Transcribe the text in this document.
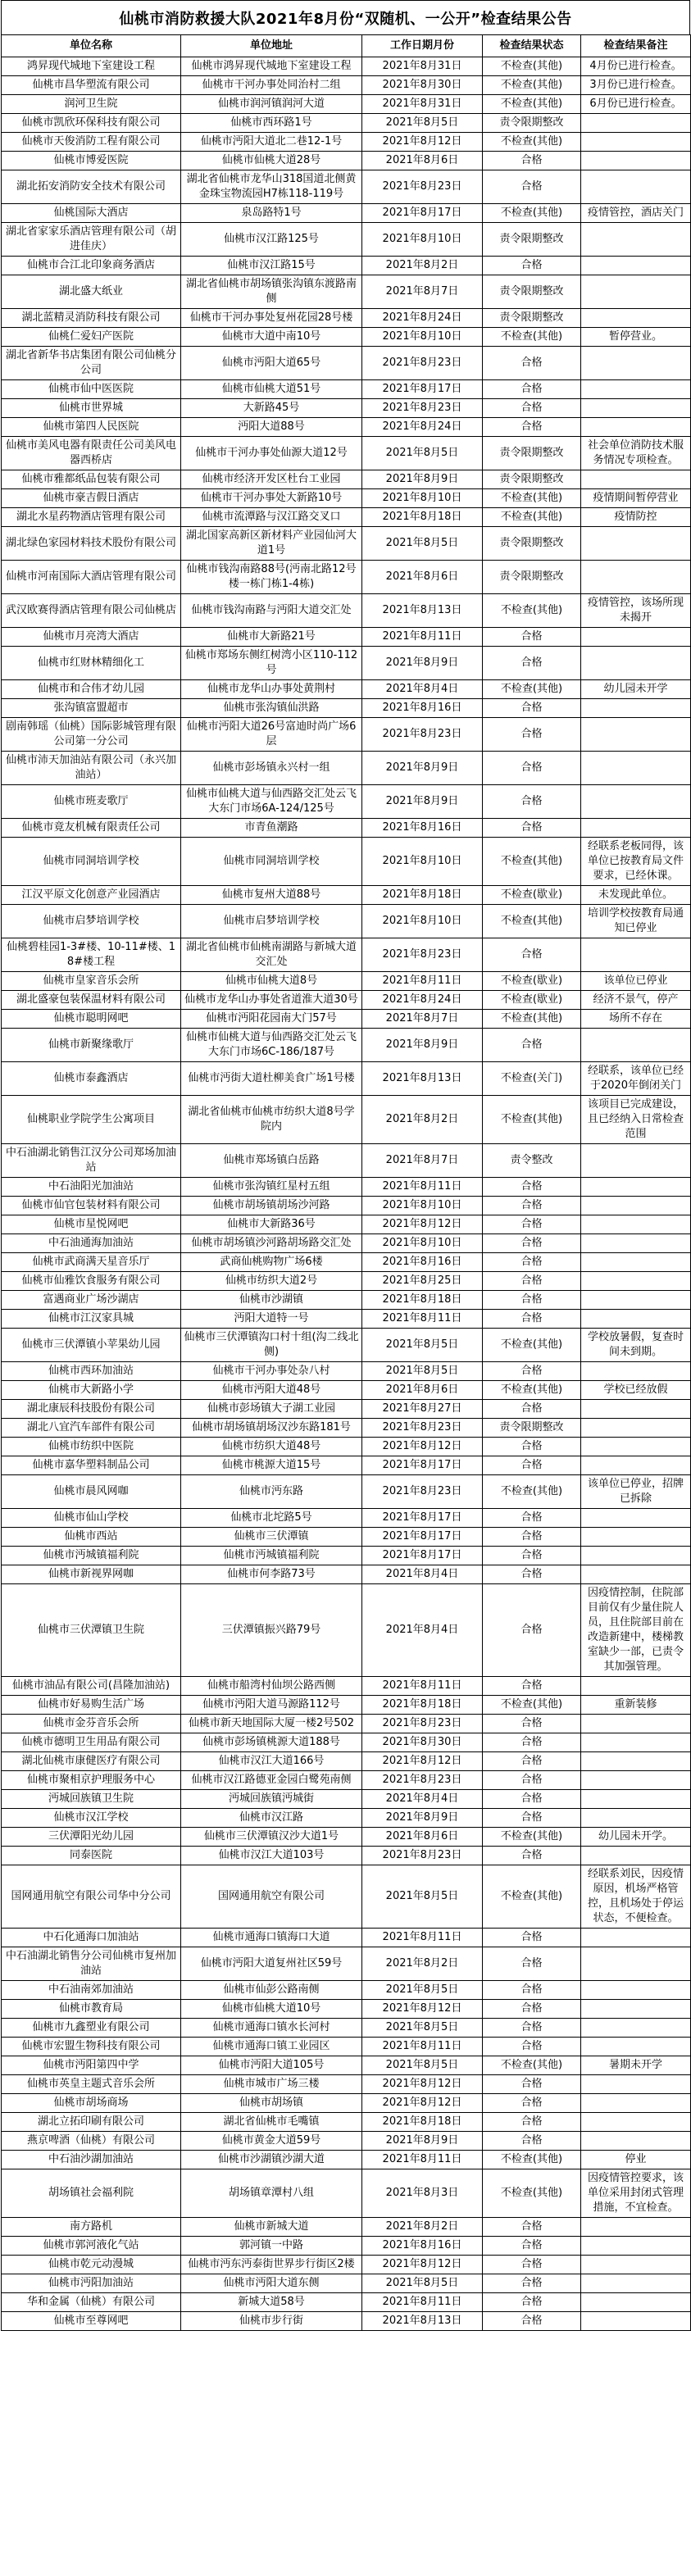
仙桃市消防救援大队2021年8月份“双随机、一公开”检查结果公告
单位名称	单位地址	工作日期月份	检查结果状态	检查结果备注
鸿昇现代城地下室建设工程	仙桃市鸿昇现代城地下室建设工程	2021年8月31日	不检查(其他)	4月份已进行检查。
仙桃市昌华塑流有限公司	仙桃市干河办事处同治村二组	2021年8月30日	不检查(其他)	3月份已进行检查。
润河卫生院	仙桃市润河镇润河大道	2021年8月31日	不检查(其他)	6月份已进行检查。
仙桃市凯欣环保科技有限公司	仙桃市西环路1号	2021年8月5日	责令限期整改	
仙桃市天俊消防工程有限公司	仙桃市沔阳大道北二巷12-1号	2021年8月12日	不检查(其他)	
仙桃市博爱医院	仙桃市仙桃大道28号	2021年8月6日	合格	
湖北拓安消防安全技术有限公司	湖北省仙桃市龙华山318国道北侧黄金珠宝物流园H7栋118-119号	2021年8月23日	合格	
仙桃国际大酒店	泉岛路特1号	2021年8月17日	不检查(其他)	疫情管控，酒店关门
湖北省家家乐酒店管理有限公司（胡进佳庆）	仙桃市汉江路125号	2021年8月10日	责令限期整改	
仙桃市合江北印象商务酒店	仙桃市汉江路15号	2021年8月2日	合格	
湖北盛大纸业	湖北省仙桃市胡场镇张沟镇东渡路南侧	2021年8月7日	责令限期整改	
湖北蓝精灵消防科技有限公司	仙桃市干河办事处复州花园28号楼	2021年8月24日	责令限期整改	
仙桃仁爱妇产医院	仙桃市大道中南10号	2021年8月10日	不检查(其他)	暂停营业。
湖北省新华书店集团有限公司仙桃分公司	仙桃市沔阳大道65号	2021年8月23日	合格	
仙桃市仙中医医院	仙桃市仙桃大道51号	2021年8月17日	合格	
仙桃市世界城	大新路45号	2021年8月23日	合格	
仙桃市第四人民医院	沔阳大道88号	2021年8月24日	合格	
仙桃市美风电器有限责任公司美风电器西桥店	仙桃市干河办事处仙源大道12号	2021年8月5日	责令限期整改	社会单位消防技术服务情况专项检查。
仙桃市雅都纸品包装有限公司	仙桃市经济开发区杜台工业园	2021年8月9日	责令限期整改	
仙桃市豪吉假日酒店	仙桃市干河办事处大新路10号	2021年8月10日	不检查(其他)	疫情期间暂停营业
湖北水星药物酒店管理有限公司	仙桃市流潭路与汉江路交叉口	2021年8月18日	不检查(其他)	疫情防控
湖北绿色家园材料技术股份有限公司	湖北国家高新区新材料产业园仙河大道1号	2021年8月5日	责令限期整改	
仙桃市河南国际大酒店管理有限公司	仙桃市钱沟南路88号(沔南北路12号楼一栋门栋1-4栋)	2021年8月6日	责令限期整改	
武汉欧赛得酒店管理有限公司仙桃店	仙桃市钱沟南路与沔阳大道交汇处	2021年8月13日	不检查(其他)	疫情管控，该场所现未揭开
仙桃市月亮湾大酒店	仙桃市大新路21号	2021年8月11日	合格	
仙桃市红财林精细化工	仙桃市郑场东侧红树湾小区110-112号	2021年8月9日	合格	
仙桃市和合伟才幼儿园	仙桃市龙华山办事处黄荆村	2021年8月4日	不检查(其他)	幼儿园未开学
张沟镇富盟超市	仙桃市张沟镇仙洪路	2021年8月16日	合格	
剧南韩瑶（仙桃）国际影城管理有限公司第一分公司	仙桃市沔阳大道26号富迪时尚广场6层	2021年8月23日	合格	
仙桃市沛天加油站有限公司（永兴加油站）	仙桃市彭场镇永兴村一组	2021年8月9日	合格	
仙桃市班麦歌厅	仙桃市仙桃大道与仙西路交汇处云飞大东门市场6A-124/125号	2021年8月9日	合格	
仙桃市竟友机械有限责任公司	市青鱼潮路	2021年8月16日	合格	
仙桃市同洞培训学校	仙桃市同洞培训学校	2021年8月10日	不检查(其他)	经联系老板同得，该单位已按教育局文件要求，已经休课。
江汉平原文化创意产业园酒店	仙桃市复州大道88号	2021年8月18日	不检查(歇业)	未发现此单位。
仙桃市启梦培训学校	仙桃市启梦培训学校	2021年8月10日	不检查(其他)	培训学校按教育局通知已停业
仙桃碧桂园1-3#楼、10-11#楼、18#楼工程	湖北省仙桃市仙桃南湖路与新城大道交汇处	2021年8月23日	合格	
仙桃市皇家音乐会所	仙桃市仙桃大道8号	2021年8月11日	不检查(歇业)	该单位已停业
湖北盛豪包装保温材料有限公司	仙桃市龙华山办事处省道淮大道30号	2021年8月24日	不检查(歇业)	经济不景气，停产
仙桃市聪明网吧	仙桃市沔阳花园南大门57号	2021年8月7日	不检查(其他)	场所不存在
仙桃市新聚缘歌厅	仙桃市仙桃大道与仙西路交汇处云飞大东门市场6C-186/187号	2021年8月9日	合格	
仙桃市泰鑫酒店	仙桃市沔街大道杜柳美食广场1号楼	2021年8月13日	不检查(关门)	经联系，该单位已经于2020年倒闭关门
仙桃职业学院学生公寓项目	湖北省仙桃市仙桃市纺织大道8号学院内	2021年8月2日	不检查(其他)	该项目已完成建设，且已经纳入日常检查范围
中石油湖北销售江汉分公司郑场加油站	仙桃市郑场镇白岳路	2021年8月7日	责令整改	
中石油阳光加油站	仙桃市张沟镇红星村五组	2021年8月11日	合格	
仙桃市仙官包装材料有限公司	仙桃市胡场镇胡场沙河路	2021年8月10日	合格	
仙桃市星悦网吧	仙桃市大新路36号	2021年8月12日	合格	
中石油通海加油站	仙桃市胡场镇沙河路胡场路交汇处	2021年8月10日	合格	
仙桃市武商满天星音乐厅	武商仙桃购物广场6楼	2021年8月16日	合格	
仙桃市仙雅饮食服务有限公司	仙桃市纺织大道2号	2021年8月25日	合格	
富遇商业广场沙湖店	仙桃市沙湖镇	2021年8月18日	合格	
仙桃市江汉家具城	沔阳大道特一号	2021年8月11日	合格	
仙桃市三伏潭镇小苹果幼儿园	仙桃市三伏潭镇沟口村十组(沟二线北侧)	2021年8月5日	不检查(其他)	学校放暑假，复查时间未到期。
仙桃市西环加油站	仙桃市干河办事处杂八村	2021年8月5日	合格	
仙桃市大新路小学	仙桃市沔阳大道48号	2021年8月6日	不检查(其他)	学校已经放假
湖北康辰科技股份有限公司	仙桃市彭场镇大子湖工业园	2021年8月27日	合格	
湖北八宜汽车部件有限公司	仙桃市胡场镇胡场汉沙东路181号	2021年8月23日	责令限期整改	
仙桃市纺织中医院	仙桃市纺织大道48号	2021年8月12日	合格	
仙桃市嘉华塑料制品公司	仙桃市桃源大道15号	2021年8月17日	合格	
仙桃市晨风网咖	仙桃市沔东路	2021年8月23日	不检查(其他)	该单位已停业，招牌已拆除
仙桃市仙山学校	仙桃市北坨路5号	2021年8月17日	合格	
仙桃市西站	仙桃市三伏潭镇	2021年8月17日	合格	
仙桃市沔城镇福利院	仙桃市沔城镇福利院	2021年8月17日	合格	
仙桃市新视界网咖	仙桃市何李路73号	2021年8月4日	合格	
仙桃市三伏潭镇卫生院	三伏潭镇振兴路79号	2021年8月4日	合格	因疫情控制，住院部目前仅有少量住院人员，且住院部目前在改造新建中，楼梯教室缺少一部，已责令其加强管理。
仙桃市油品有限公司(昌隆加油站)	仙桃市船湾村仙坝公路西侧	2021年8月11日	合格	
仙桃市好易购生活广场	仙桃市沔阳大道马源路112号	2021年8月18日	不检查(其他)	重新装修
仙桃市金芬音乐会所	仙桃市新天地国际大厦一楼2号502	2021年8月23日	合格	
仙桃市德明卫生用品有限公司	仙桃市彭场镇桃源大道188号	2021年8月30日	合格	
湖北仙桃市康健医疗有限公司	仙桃市汉江大道166号	2021年8月12日	合格	
仙桃市聚相京护理服务中心	仙桃市汉江路德亚金园白鹭苑南侧	2021年8月23日	合格	
沔城回族镇卫生院	沔城回族镇沔城街	2021年8月4日	合格	
仙桃市汉江学校	仙桃市汉江路	2021年8月9日	合格	
三伏潭阳光幼儿园	仙桃市三伏潭镇汉沙大道1号	2021年8月6日	不检查(其他)	幼儿园未开学。
同泰医院	仙桃市汉江大道103号	2021年8月23日	合格	
国网通用航空有限公司华中分公司	国网通用航空有限公司	2021年8月5日	不检查(其他)	经联系刘民，因疫情原因，机场严格管控，且机场处于停运状态，不便检查。
中石化通海口加油站	仙桃市通海口镇海口大道	2021年8月11日	合格	
中石油湖北销售分公司仙桃市复州加油站	仙桃市沔阳大道复州社区59号	2021年8月2日	合格	
中石油南郊加油站	仙桃市仙彭公路南侧	2021年8月5日	合格	
仙桃市教育局	仙桃市仙桃大道10号	2021年8月12日	合格	
仙桃市九鑫塑业有限公司	仙桃市通海口镇水长河村	2021年8月5日	合格	
仙桃市宏盟生物科技有限公司	仙桃市通海口镇工业园区	2021年8月11日	合格	
仙桃市沔阳第四中学	仙桃市沔阳大道105号	2021年8月5日	不检查(其他)	暑期未开学
仙桃市英皇主题式音乐会所	仙桃市城市广场三楼	2021年8月12日	合格	
仙桃市胡场商场	仙桃市胡场镇	2021年8月12日	合格	
湖北立拓印刷有限公司	湖北省仙桃市毛嘴镇	2021年8月18日	合格	
燕京啤酒（仙桃）有限公司	仙桃市黄金大道59号	2021年8月9日	合格	
中石油沙湖加油站	仙桃市沙湖镇沙湖大道	2021年8月11日	不检查(其他)	停业
胡场镇社会福利院	胡场镇章潭村八组	2021年8月3日	不检查(其他)	因疫情管控要求，该单位采用封闭式管理措施，不宜检查。
南方路机	仙桃市新城大道	2021年8月2日	合格	
仙桃市郭河液化气站	郭河镇一中路	2021年8月16日	合格	
仙桃市乾元动漫城	仙桃市沔东沔泰街世界步行街区2楼	2021年8月12日	合格	
仙桃市沔阳加油站	仙桃市沔阳大道东侧	2021年8月5日	合格	
华和金属（仙桃）有限公司	新城大道58号	2021年8月11日	合格	
仙桃市至尊网吧	仙桃市步行街	2021年8月13日	合格	
